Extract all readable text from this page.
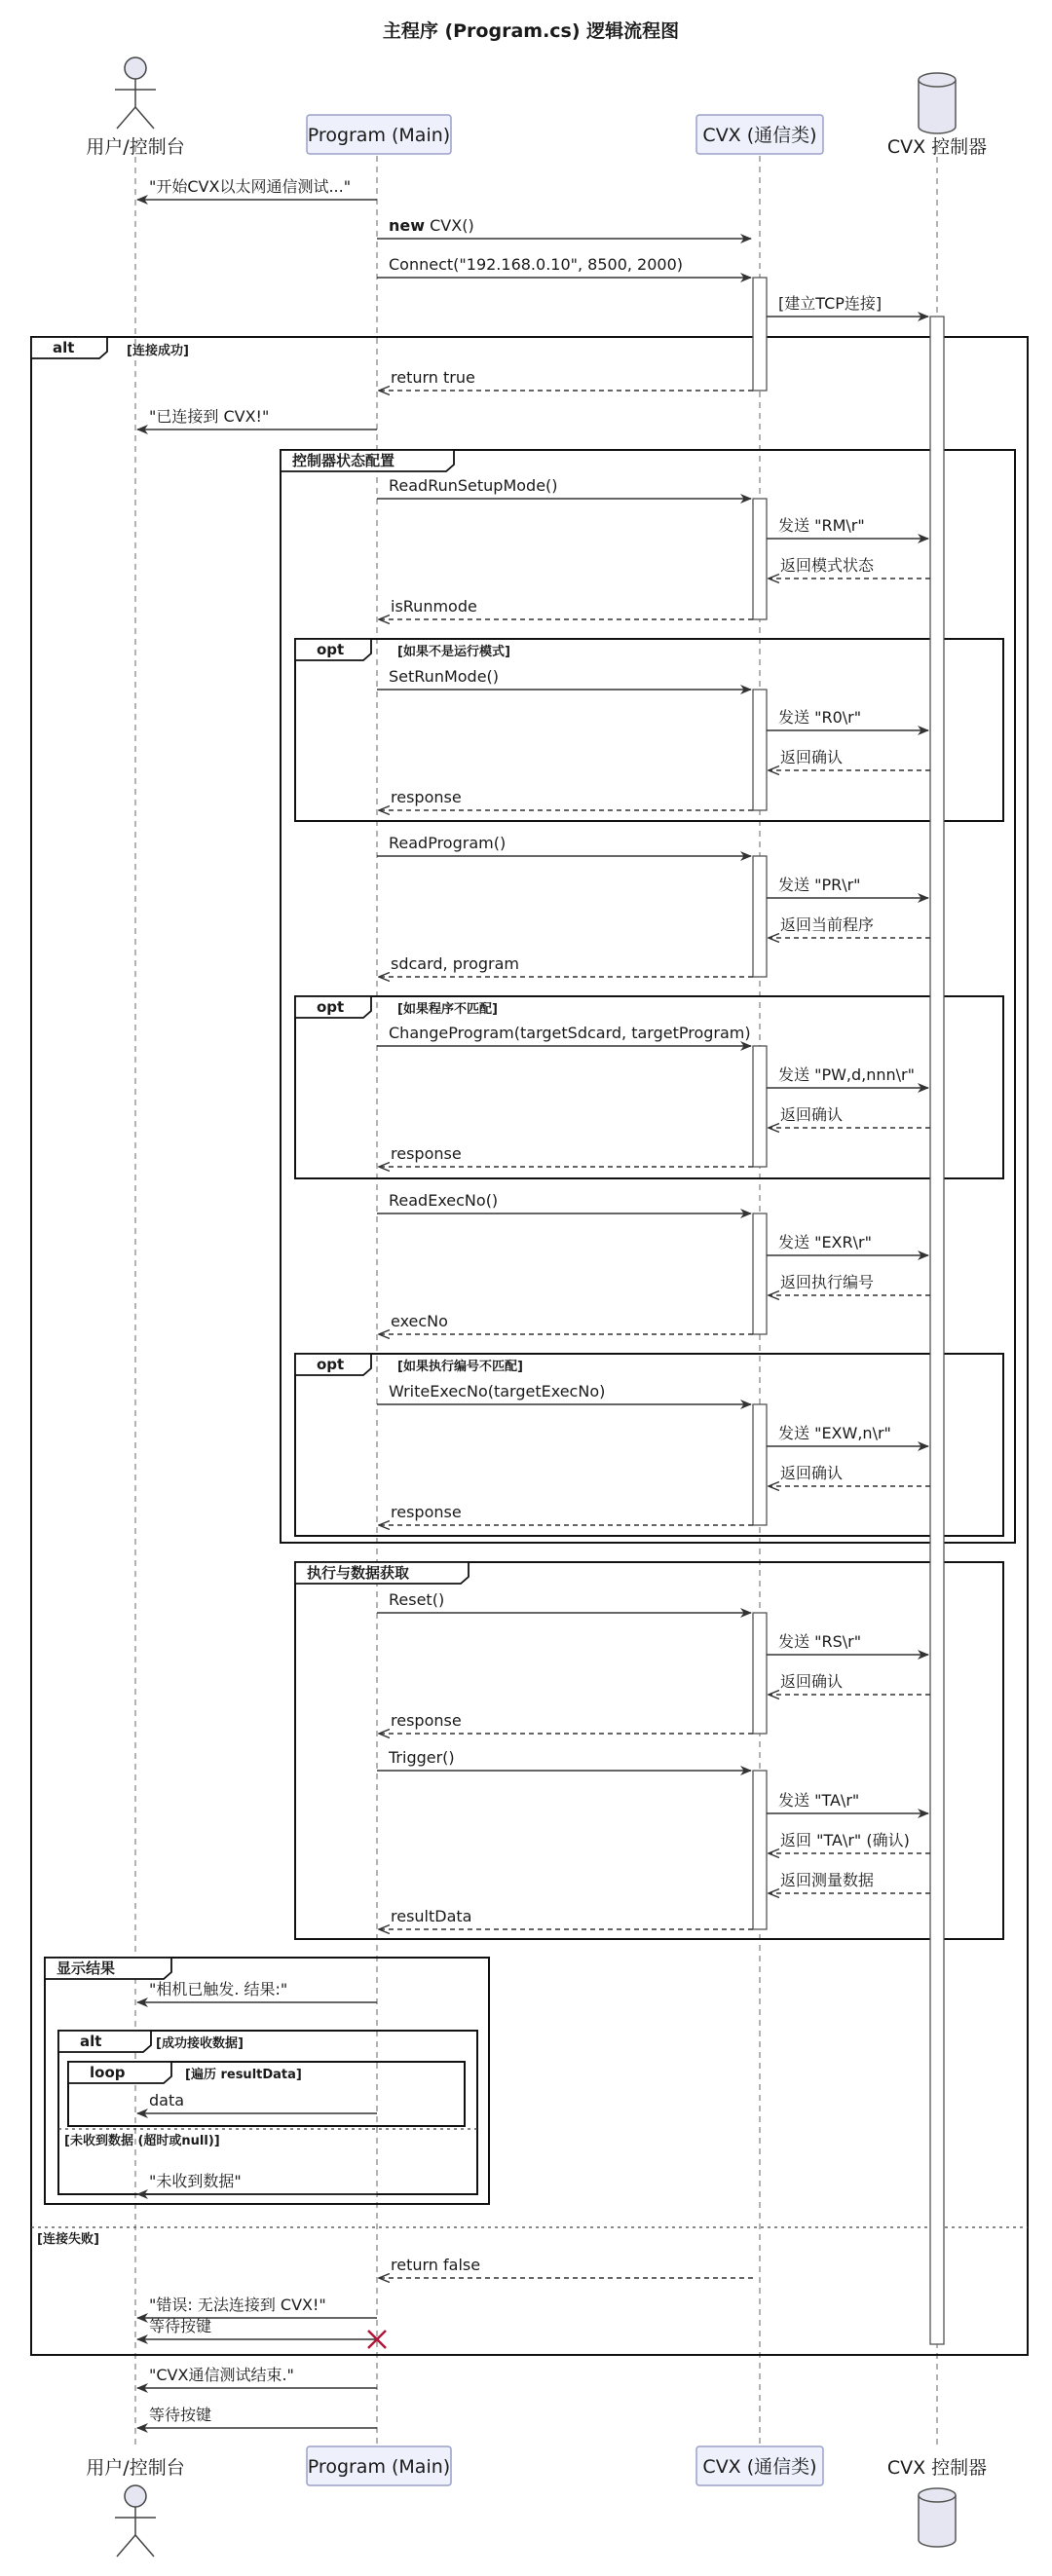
主程序 (Program.cs) 逻辑流程图
用户/控制台
Program (Main)	CVX (通信类)
CVX 控制器
用户/控制台	Program (Main)	CVX (通信类)	CVX 控制器
alt	[连接成功]
[连接失败]
控制器状态配置
opt	[如果不是运行模式]
opt	[如果程序不匹配]
opt	[如果执行编号不匹配]
执行与数据获取
显示结果
alt	[成功接收数据]
[未收到数据 (超时或null)]
loop	[遍历 resultData]
"开始CVX以太网通信测试..."
new CVX()
Connect("192.168.0.10", 8500, 2000)
[建立TCP连接]
return true
"已连接到 CVX!"
ReadRunSetupMode()
发送 "RM\r"
返回模式状态
isRunmode
SetRunMode()
发送 "R0\r"
返回确认
response
ReadProgram()
发送 "PR\r"
返回当前程序
sdcard, program
ChangeProgram(targetSdcard, targetProgram)
发送 "PW,d,nnn\r"
返回确认
response
ReadExecNo()
发送 "EXR\r"
返回执行编号
execNo
WriteExecNo(targetExecNo)
发送 "EXW,n\r"
返回确认
response
Reset()
发送 "RS\r"
返回确认
response
Trigger()
发送 "TA\r"
返回 "TA\r" (确认)
返回测量数据
resultData
"相机已触发. 结果:"
data
"未收到数据"
return false
"错误: 无法连接到 CVX!"
等待按键
"CVX通信测试结束."
等待按键
